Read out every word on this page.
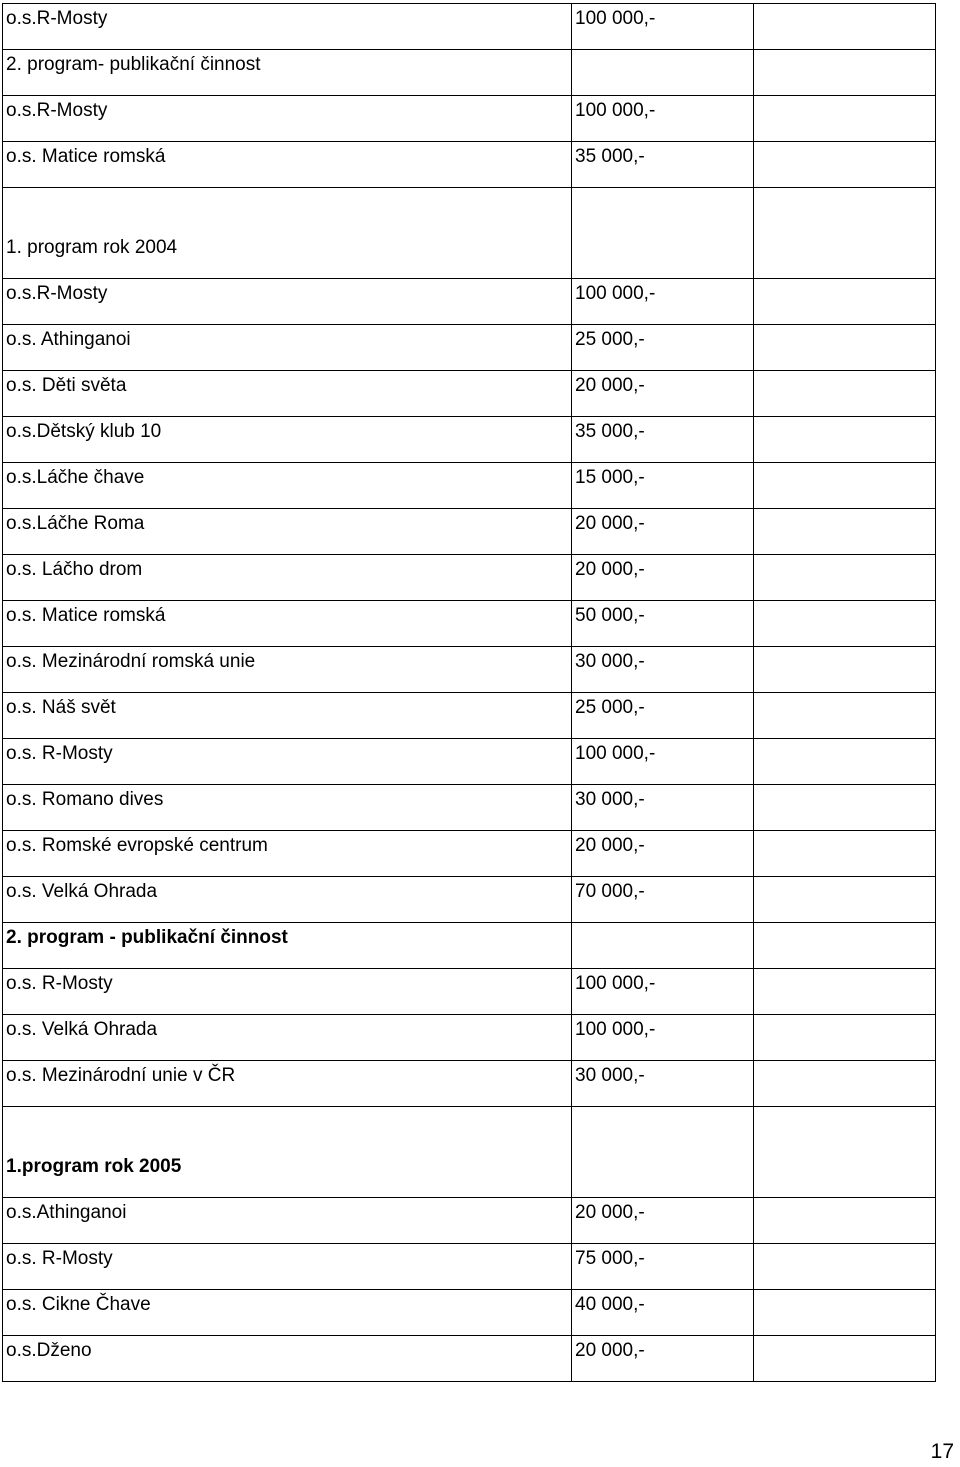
o.s.R-Mosty	100 000,-	
2. program- publikační činnost		
o.s.R-Mosty	100 000,-	
o.s. Matice romská	35 000,-	
1. program rok 2004		
o.s.R-Mosty	100 000,-	
o.s. Athinganoi	25 000,-	
o.s. Děti světa	20 000,-	
o.s.Dětský klub 10	35 000,-	
o.s.Láčhe čhave	15 000,-	
o.s.Láčhe Roma	20 000,-	
o.s. Láčho drom	20 000,-	
o.s. Matice romská	50 000,-	
o.s. Mezinárodní romská unie	30 000,-	
o.s. Náš svět	25 000,-	
o.s. R-Mosty	100 000,-	
o.s. Romano dives	30 000,-	
o.s. Romské evropské centrum	20 000,-	
o.s. Velká Ohrada	70 000,-	
2. program - publikační činnost		
o.s. R-Mosty	100 000,-	
o.s. Velká Ohrada	100 000,-	
o.s. Mezinárodní unie v ČR	30 000,-	
1.program rok 2005		
o.s.Athinganoi	20 000,-	
o.s. R-Mosty	75 000,-	
o.s. Cikne Čhave	40 000,-	
o.s.Dženo	20 000,-	
17
